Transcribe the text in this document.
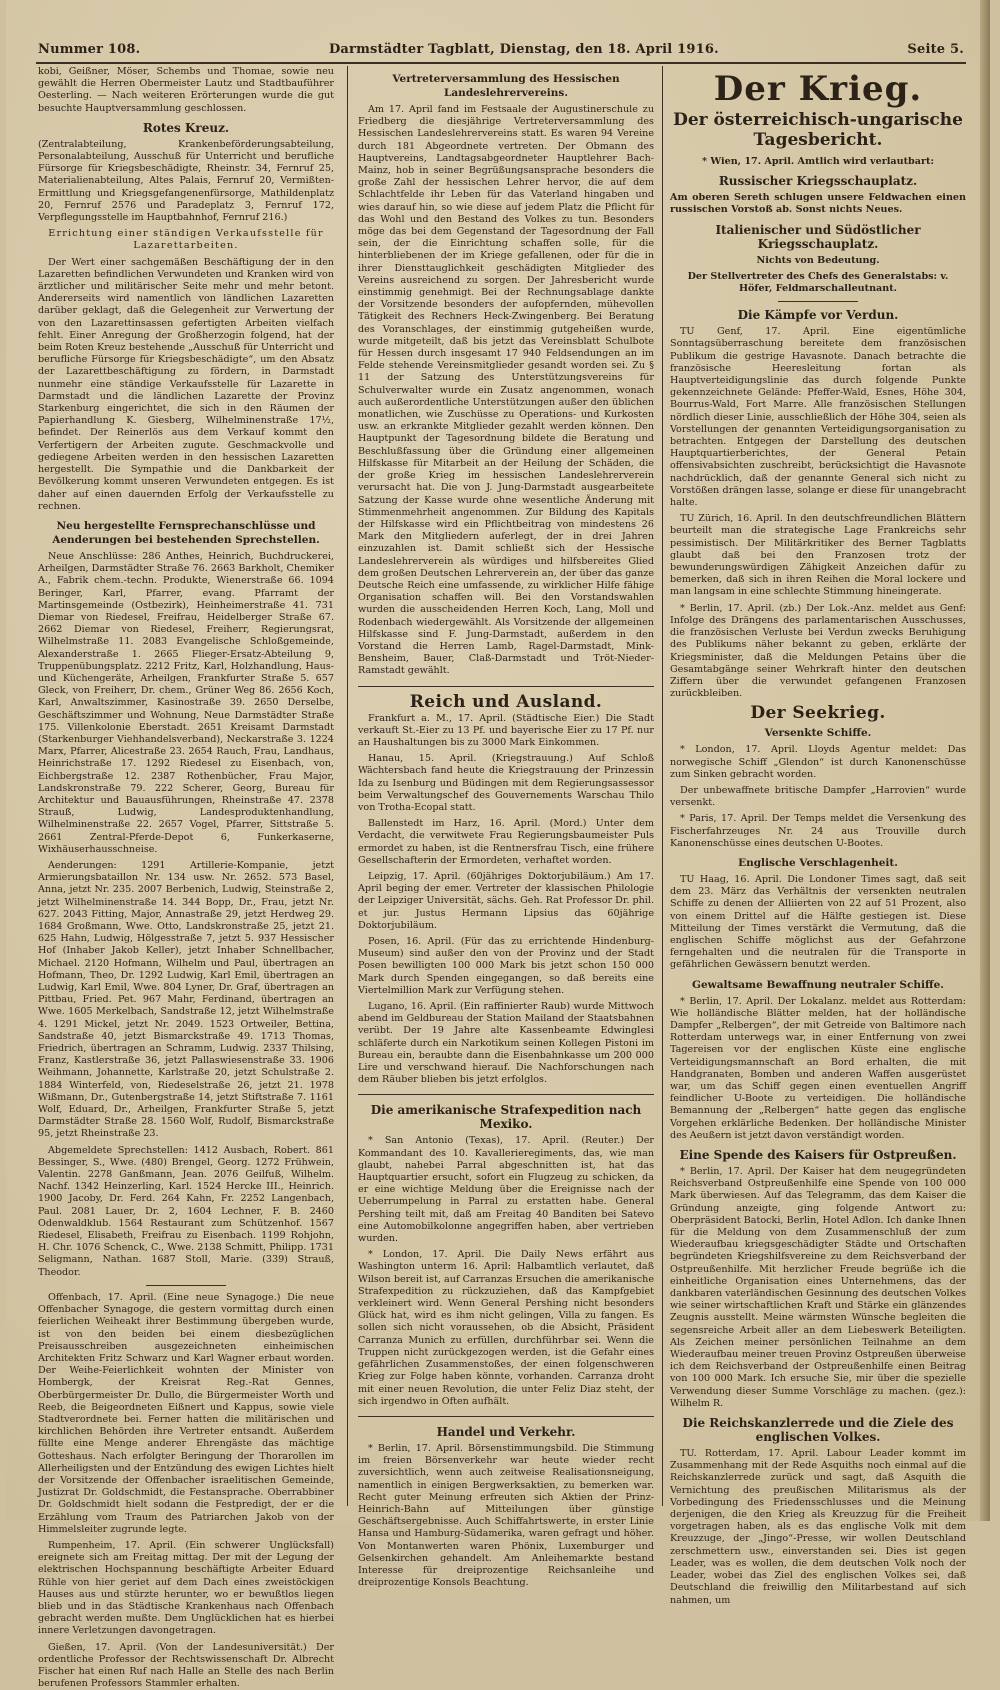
Nummer 108.	Darmstädter Tagblatt, Dienstag, den 18. April 1916.	Seite 5.

kobi, Geißner, Möser, Schembs und Thomae, sowie neu gewählt die Herren Obermeister Lautz und Stadtbauführer Oesterling. — Nach weiteren Erörterungen wurde die gut besuchte Hauptversammlung geschlossen.

Rotes Kreuz.

(Zentralabteilung, Krankenbeförderungsabteilung, Personalabteilung, Ausschuß für Unterricht und berufliche Fürsorge für Kriegsbeschädigte, Rheinstr. 34, Fernruf 25, Materialienabteilung, Altes Palais, Fernruf 20, Vermißten-Ermittlung und Kriegsgefangenenfürsorge, Mathildenplatz 20, Fernruf 2576 und Paradeplatz 3, Fernruf 172, Verpflegungsstelle im Hauptbahnhof, Fernruf 216.)

Errichtung einer ständigen Verkaufsstelle für Lazarettarbeiten.

Der Wert einer sachgemäßen Beschäftigung der in den Lazaretten befindlichen Verwundeten und Kranken wird von ärztlicher und militärischer Seite mehr und mehr betont. Andererseits wird namentlich von ländlichen Lazaretten darüber geklagt, daß die Gelegenheit zur Verwertung der von den Lazarettinsassen gefertigten Arbeiten vielfach fehlt. Einer Anregung der Großherzogin folgend, hat der beim Roten Kreuz bestehende „Ausschuß für Unterricht und berufliche Fürsorge für Kriegsbeschädigte“, um den Absatz der Lazarettbeschäftigung zu fördern, in Darmstadt nunmehr eine ständige Verkaufsstelle für Lazarette in Darmstadt und die ländlichen Lazarette der Provinz Starkenburg eingerichtet, die sich in den Räumen der Papierhandlung K. Giesberg, Wilhelminenstraße 17½, befindet. Der Reinerlös aus dem Verkauf kommt den Verfertigern der Arbeiten zugute. Geschmackvolle und gediegene Arbeiten werden in den hessischen Lazaretten hergestellt. Die Sympathie und die Dankbarkeit der Bevölkerung kommt unseren Verwundeten entgegen. Es ist daher auf einen dauernden Erfolg der Verkaufsstelle zu rechnen.

Neu hergestellte Fernsprechanschlüsse und Aenderungen bei bestehenden Sprechstellen.

Neue Anschlüsse: 286 Anthes, Heinrich, Buchdruckerei, Arheilgen, Darmstädter Straße 76. 2663 Barkholt, Chemiker A., Fabrik chem.-techn. Produkte, Wienerstraße 66. 1094 Beringer, Karl, Pfarrer, evang. Pfarramt der Martinsgemeinde (Ostbezirk), Heinheimerstraße 41. 731 Diemar von Riedesel, Freifrau, Heidelberger Straße 67. 2662 Diemar von Riedesel, Freiherr, Regierungsrat, Wilhelmstraße 11. 2083 Evangelische Schloßgemeinde, Alexanderstraße 1. 2665 Flieger-Ersatz-Abteilung 9, Truppenübungsplatz. 2212 Fritz, Karl, Holzhandlung, Haus- und Küchengeräte, Arheilgen, Frankfurter Straße 5. 657 Gleck, von Freiherr, Dr. chem., Grüner Weg 86. 2656 Koch, Karl, Anwaltszimmer, Kasinostraße 39. 2650 Derselbe, Geschäftszimmer und Wohnung, Neue Darmstädter Straße 175. Villenkolonie Eberstadt. 2651 Kreisamt Darmstadt (Starkenburger Viehhandelsverband), Neckarstraße 3. 1224 Marx, Pfarrer, Alicestraße 23. 2654 Rauch, Frau, Landhaus, Heinrichstraße 17. 1292 Riedesel zu Eisenbach, von, Eichbergstraße 12. 2387 Rothenbücher, Frau Major, Landskronstraße 79. 222 Scherer, Georg, Bureau für Architektur und Bauausführungen, Rheinstraße 47. 2378 Strauß, Ludwig, Landesproduktenhandlung, Wilhelminenstraße 22. 2657 Vogel, Pfarrer, Sittstraße 5. 2661 Zentral-Pferde-Depot 6, Funkerkaserne, Wixhäuserhausschneise.

Aenderungen: 1291 Artillerie-Kompanie, jetzt Armierungsbataillon Nr. 134 usw. Nr. 2652. 573 Basel, Anna, jetzt Nr. 235. 2007 Berbenich, Ludwig, Steinstraße 2, jetzt Wilhelminenstraße 14. 344 Bopp, Dr., Frau, jetzt Nr. 627. 2043 Fitting, Major, Annastraße 29, jetzt Herdweg 29. 1684 Großmann, Wwe. Otto, Landskronstraße 25, jetzt 21. 625 Hahn, Ludwig, Hölgesstraße 7, jetzt 5. 937 Hessischer Hof (Inhaber Jakob Keller), jetzt Inhaber Schnellbacher, Michael. 2120 Hofmann, Wilhelm und Paul, übertragen an Hofmann, Theo, Dr. 1292 Ludwig, Karl Emil, übertragen an Ludwig, Karl Emil, Wwe. 804 Lyner, Dr. Graf, übertragen an Pittbau, Fried. Pet. 967 Mahr, Ferdinand, übertragen an Wwe. 1605 Merkelbach, Sandstraße 12, jetzt Wilhelmstraße 4. 1291 Mickel, jetzt Nr. 2049. 1523 Ortweiler, Bettina, Sandstraße 40, jetzt Bismarckstraße 49. 1713 Thomas, Friedrich, übertragen an Schramm, Ludwig. 2337 Thilsing, Franz, Kastlerstraße 36, jetzt Pallaswiesenstraße 33. 1906 Weihmann, Johannette, Karlstraße 20, jetzt Schulstraße 2. 1884 Winterfeld, von, Riedeselstraße 26, jetzt 21. 1978 Wißmann, Dr., Gutenbergstraße 14, jetzt Stiftstraße 7. 1161 Wolf, Eduard, Dr., Arheilgen, Frankfurter Straße 5, jetzt Darmstädter Straße 28. 1560 Wolf, Rudolf, Bismarckstraße 95, jetzt Rheinstraße 23.

Abgemeldete Sprechstellen: 1412 Ausbach, Robert. 861 Bessinger, S., Wwe. (480) Brengel, Georg. 1272 Frühwein, Valentin. 2278 Ganßmann, Jean. 2076 Geilfuß, Wilhelm. Nachf. 1342 Heinzerling, Karl. 1524 Hercke III., Heinrich. 1900 Jacoby, Dr. Ferd. 264 Kahn, Fr. 2252 Langenbach, Paul. 2081 Lauer, Dr. 2, 1604 Lechner, F. B. 2460 Odenwaldklub. 1564 Restaurant zum Schützenhof. 1567 Riedesel, Elisabeth, Freifrau zu Eisenbach. 1199 Rohjohn, H. Chr. 1076 Schenck, C., Wwe. 2138 Schmitt, Philipp. 1731 Seligmann, Nathan. 1687 Stoll, Marie. (339) Strauß, Theodor.

Offenbach, 17. April. (Eine neue Synagoge.) Die neue Offenbacher Synagoge, die gestern vormittag durch einen feierlichen Weiheakt ihrer Bestimmung übergeben wurde, ist von den beiden bei einem diesbezüglichen Preisausschreiben ausgezeichneten einheimischen Architekten Fritz Schwarz und Karl Wagner erbaut worden. Der Weihe-Feierlichkeit wohnten der Minister von Hombergk, der Kreisrat Reg.-Rat Gennes, Oberbürgermeister Dr. Dullo, die Bürgermeister Worth und Reeb, die Beigeordneten Eißnert und Kappus, sowie viele Stadtverordnete bei. Ferner hatten die militärischen und kirchlichen Behörden ihre Vertreter entsandt. Außerdem füllte eine Menge anderer Ehrengäste das mächtige Gotteshaus. Nach erfolgter Beringung der Thorarollen im Allerheiligsten und der Entzündung des ewigen Lichtes hielt der Vorsitzende der Offenbacher israelitischen Gemeinde, Justizrat Dr. Goldschmidt, die Festansprache. Oberrabbiner Dr. Goldschmidt hielt sodann die Festpredigt, der er die Erzählung vom Traum des Patriarchen Jakob von der Himmelsleiter zugrunde legte.

Rumpenheim, 17. April. (Ein schwerer Unglücksfall) ereignete sich am Freitag mittag. Der mit der Legung der elektrischen Hochspannung beschäftigte Arbeiter Eduard Rühle von hier geriet auf dem Dach eines zweistöckigen Hauses aus und stürzte herunter, wo er bewußtlos liegen blieb und in das Städtische Krankenhaus nach Offenbach gebracht werden mußte. Dem Unglücklichen hat es hierbei innere Verletzungen davongetragen.

Gießen, 17. April. (Von der Landesuniversität.) Der ordentliche Professor der Rechtswissenschaft Dr. Albrecht Fischer hat einen Ruf nach Halle an Stelle des nach Berlin berufenen Professors Stammler erhalten.

Vertreterversammlung des Hessischen Landeslehrervereins.

Am 17. April fand im Festsaale der Augustinerschule zu Friedberg die diesjährige Vertreterversammlung des Hessischen Landeslehrervereins statt. Es waren 94 Vereine durch 181 Abgeordnete vertreten. Der Obmann des Hauptvereins, Landtagsabgeordneter Hauptlehrer Bach-Mainz, hob in seiner Begrüßungsansprache besonders die große Zahl der hessischen Lehrer hervor, die auf dem Schlachtfelde ihr Leben für das Vaterland hingaben und wies darauf hin, so wie diese auf jedem Platz die Pflicht für das Wohl und den Bestand des Volkes zu tun. Besonders möge das bei dem Gegenstand der Tagesordnung der Fall sein, der die Einrichtung schaffen solle, für die hinterbliebenen der im Kriege gefallenen, oder für die in ihrer Diensttauglichkeit geschädigten Mitglieder des Vereins ausreichend zu sorgen. Der Jahresbericht wurde einstimmig genehmigt. Bei der Rechnungsablage dankte der Vorsitzende besonders der aufopfernden, mühevollen Tätigkeit des Rechners Heck-Zwingenberg. Bei Beratung des Voranschlages, der einstimmig gutgeheißen wurde, wurde mitgeteilt, daß bis jetzt das Vereinsblatt Schulbote für Hessen durch insgesamt 17 940 Feldsendungen an im Felde stehende Vereinsmitglieder gesandt worden sei. Zu § 11 der Satzung des Unterstützungsvereins für Schulverwalter wurde ein Zusatz angenommen, wonach auch außerordentliche Unterstützungen außer den üblichen monatlichen, wie Zuschüsse zu Operations- und Kurkosten usw. an erkrankte Mitglieder gezahlt werden können. Den Hauptpunkt der Tagesordnung bildete die Beratung und Beschlußfassung über die Gründung einer allgemeinen Hilfskasse für Mitarbeit an der Heilung der Schäden, die der große Krieg im hessischen Landeslehrerverein verursacht hat. Die von J. Jung-Darmstadt ausgearbeitete Satzung der Kasse wurde ohne wesentliche Änderung mit Stimmenmehrheit angenommen. Zur Bildung des Kapitals der Hilfskasse wird ein Pflichtbeitrag von mindestens 26 Mark den Mitgliedern auferlegt, der in drei Jahren einzuzahlen ist. Damit schließt sich der Hessische Landeslehrerverein als würdiges und hilfsbereites Glied dem großen Deutschen Lehrerverein an, der über das ganze Deutsche Reich eine umfassende, zu wirklicher Hilfe fähige Organisation schaffen will. Bei den Vorstandswahlen wurden die ausscheidenden Herren Koch, Lang, Moll und Rodenbach wiedergewählt. Als Vorsitzende der allgemeinen Hilfskasse sind F. Jung-Darmstadt, außerdem in den Vorstand die Herren Lamb, Ragel-Darmstadt, Mink-Bensheim, Bauer, Claß-Darmstadt und Tröt-Nieder-Ramstadt gewählt.

Reich und Ausland.

Frankfurt a. M., 17. April. (Städtische Eier.) Die Stadt verkauft St.-Eier zu 13 Pf. und bayerische Eier zu 17 Pf. nur an Haushaltungen bis zu 3000 Mark Einkommen.

Hanau, 15. April. (Kriegstrauung.) Auf Schloß Wächtersbach fand heute die Kriegstrauung der Prinzessin Ida zu Isenburg und Büdingen mit dem Regierungsassessor beim Verwaltungschef des Gouvernements Warschau Thilo von Trotha-Ecopal statt.

Ballenstedt im Harz, 16. April. (Mord.) Unter dem Verdacht, die verwitwete Frau Regierungsbaumeister Puls ermordet zu haben, ist die Rentnersfrau Tisch, eine frühere Gesellschafterin der Ermordeten, verhaftet worden.

Leipzig, 17. April. (60jähriges Doktorjubiläum.) Am 17. April beging der emer. Vertreter der klassischen Philologie der Leipziger Universität, sächs. Geh. Rat Professor Dr. phil. et jur. Justus Hermann Lipsius das 60jährige Doktorjubiläum.

Posen, 16. April. (Für das zu errichtende Hindenburg-Museum) sind außer den von der Provinz und der Stadt Posen bewilligten 100 000 Mark bis jetzt schon 150 000 Mark durch Spenden eingegangen, so daß bereits eine Viertelmillion Mark zur Verfügung stehen.

Lugano, 16. April. (Ein raffinierter Raub) wurde Mittwoch abend im Geldbureau der Station Mailand der Staatsbahnen verübt. Der 19 Jahre alte Kassenbeamte Edwinglesi schläferte durch ein Narkotikum seinen Kollegen Pistoni im Bureau ein, beraubte dann die Eisenbahnkasse um 200 000 Lire und verschwand hierauf. Die Nachforschungen nach dem Räuber blieben bis jetzt erfolglos.

Die amerikanische Strafexpedition nach Mexiko.

* San Antonio (Texas), 17. April. (Reuter.) Der Kommandant des 10. Kavallerieregiments, das, wie man glaubt, nahebei Parral abgeschnitten ist, hat das Hauptquartier ersucht, sofort ein Flugzeug zu schicken, da er eine wichtige Meldung über die Ereignisse nach der Ueberrumpelung in Parral zu erstatten habe. General Pershing teilt mit, daß am Freitag 40 Banditen bei Satevo eine Automobilkolonne angegriffen haben, aber vertrieben wurden.

* London, 17. April. Die Daily News erfährt aus Washington unterm 16. April: Halbamtlich verlautet, daß Wilson bereit ist, auf Carranzas Ersuchen die amerikanische Strafexpedition zu rückzuziehen, daß das Kampfgebiet verkleinert wird. Wenn General Pershing nicht besonders Glück hat, wird es ihm nicht gelingen, Villa zu fangen. Es sollen sich nicht voraussehen, ob die Absicht, Präsident Carranza Munich zu erfüllen, durchführbar sei. Wenn die Truppen nicht zurückgezogen werden, ist die Gefahr eines gefährlichen Zusammenstoßes, der einen folgenschweren Krieg zur Folge haben könnte, vorhanden. Carranza droht mit einer neuen Revolution, die unter Feliz Diaz steht, der sich irgendwo in Often aufhält.

Handel und Verkehr.

* Berlin, 17. April. Börsenstimmungsbild. Die Stimmung im freien Börsenverkehr war heute wieder recht zuversichtlich, wenn auch zeitweise Realisationsneigung, namentlich in einigen Bergwerksaktien, zu bemerken war. Recht guter Meinung erfreuten sich Aktien der Prinz-Heinrich-Bahn auf Mitteilungen über günstige Geschäftsergebnisse. Auch Schiffahrtswerte, in erster Linie Hansa und Hamburg-Südamerika, waren gefragt und höher. Von Montanwerten waren Phönix, Luxemburger und Gelsenkirchen gehandelt. Am Anleihemarkte bestand Interesse für dreiprozentige Reichsanleihe und dreiprozentige Konsols Beachtung.

Der Krieg.
Der österreichisch-ungarische Tagesbericht.

* Wien, 17. April. Amtlich wird verlautbart:

Russischer Kriegsschauplatz.

Am oberen Sereth schlugen unsere Feldwachen einen russischen Vorstoß ab. Sonst nichts Neues.

Italienischer und Südöstlicher Kriegsschauplatz.

Nichts von Bedeutung.

Der Stellvertreter des Chefs des Generalstabs: v. Höfer, Feldmarschalleutnant.

Die Kämpfe vor Verdun.

TU Genf, 17. April. Eine eigentümliche Sonntagsüberraschung bereitete dem französischen Publikum die gestrige Havasnote. Danach betrachte die französische Heeresleitung fortan als Hauptverteidigungslinie das durch folgende Punkte gekennzeichnete Gelände: Pfeffer-Wald, Esnes, Höhe 304, Bourrus-Wald, Fort Marre. Alle französischen Stellungen nördlich dieser Linie, ausschließlich der Höhe 304, seien als Vorstellungen der genannten Verteidigungsorganisation zu betrachten. Entgegen der Darstellung des deutschen Hauptquartierberichtes, der General Petain offensivabsichten zuschreibt, berücksichtigt die Havasnote nachdrücklich, daß der genannte General sich nicht zu Vorstößen drängen lasse, solange er diese für unangebracht halte.

TU Zürich, 16. April. In den deutschfreundlichen Blättern beurteilt man die strategische Lage Frankreichs sehr pessimistisch. Der Militärkritiker des Berner Tagblatts glaubt daß bei den Franzosen trotz der bewunderungswürdigen Zähigkeit Anzeichen dafür zu bemerken, daß sich in ihren Reihen die Moral lockere und man langsam in eine schlechte Stimmung hineingerate.

* Berlin, 17. April. (zb.) Der Lok.-Anz. meldet aus Genf: Infolge des Drängens des parlamentarischen Ausschusses, die französischen Verluste bei Verdun zwecks Beruhigung des Publikums näher bekannt zu geben, erklärte der Kriegsminister, daß die Meldungen Petains über die Gesamtabgänge seiner Wehrkraft hinter den deutschen Ziffern über die verwundet gefangenen Franzosen zurückbleiben.

Der Seekrieg.
Versenkte Schiffe.

* London, 17. April. Lloyds Agentur meldet: Das norwegische Schiff „Glendon“ ist durch Kanonenschüsse zum Sinken gebracht worden.

Der unbewaffnete britische Dampfer „Harrovien“ wurde versenkt.

* Paris, 17. April. Der Temps meldet die Versenkung des Fischerfahrzeuges Nr. 24 aus Trouville durch Kanonenschüsse eines deutschen U-Bootes.

Englische Verschlagenheit.

TU Haag, 16. April. Die Londoner Times sagt, daß seit dem 23. März das Verhältnis der versenkten neutralen Schiffe zu denen der Alliierten von 22 auf 51 Prozent, also von einem Drittel auf die Hälfte gestiegen ist. Diese Mitteilung der Times verstärkt die Vermutung, daß die englischen Schiffe möglichst aus der Gefahrzone ferngehalten und die neutralen für die Transporte in gefährlichen Gewässern benutzt werden.

Gewaltsame Bewaffnung neutraler Schiffe.

* Berlin, 17. April. Der Lokalanz. meldet aus Rotterdam: Wie holländische Blätter melden, hat der holländische Dampfer „Relbergen“, der mit Getreide von Baltimore nach Rotterdam unterwegs war, in einer Entfernung von zwei Tagereisen vor der englischen Küste eine englische Verteidigungsmannschaft an Bord erhalten, die mit Handgranaten, Bomben und anderen Waffen ausgerüstet war, um das Schiff gegen einen eventuellen Angriff feindlicher U-Boote zu verteidigen. Die holländische Bemannung der „Relbergen“ hatte gegen das englische Vorgehen erklärliche Bedenken. Der holländische Minister des Aeußern ist jetzt davon verständigt worden.

Eine Spende des Kaisers für Ostpreußen.

* Berlin, 17. April. Der Kaiser hat dem neugegründeten Reichsverband Ostpreußenhilfe eine Spende von 100 000 Mark überwiesen. Auf das Telegramm, das dem Kaiser die Gründung anzeigte, ging folgende Antwort zu: Oberpräsident Batocki, Berlin, Hotel Adlon. Ich danke Ihnen für die Meldung von dem Zusammenschluß der zum Wiederaufbau kriegsgeschädigter Städte und Ortschaften begründeten Kriegshilfsvereine zu dem Reichsverband der Ostpreußenhilfe. Mit herzlicher Freude begrüße ich die einheitliche Organisation eines Unternehmens, das der dankbaren vaterländischen Gesinnung des deutschen Volkes wie seiner wirtschaftlichen Kraft und Stärke ein glänzendes Zeugnis ausstellt. Meine wärmsten Wünsche begleiten die segensreiche Arbeit aller an dem Liebeswerk Beteiligten. Als Zeichen meiner persönlichen Teilnahme an dem Wiederaufbau meiner treuen Provinz Ostpreußen überweise ich dem Reichsverband der Ostpreußenhilfe einen Beitrag von 100 000 Mark. Ich ersuche Sie, mir über die spezielle Verwendung dieser Summe Vorschläge zu machen. (gez.): Wilhelm R.

Die Reichskanzlerrede und die Ziele des englischen Volkes.

TU. Rotterdam, 17. April. Labour Leader kommt im Zusammenhang mit der Rede Asquiths noch einmal auf die Reichskanzlerrede zurück und sagt, daß Asquith die Vernichtung des preußischen Militarismus als der Vorbedingung des Friedensschlusses und die Meinung derjenigen, die den Krieg als Kreuzzug für die Freiheit vorgetragen haben, als es das englische Volk mit dem Kreuzzuge, der „Jingo“-Presse, wir wollen Deutschland zerschmettern usw., einverstanden sei. Dies ist gegen Leader, was es wollen, die dem deutschen Volk noch der Leader, wobei das Ziel des englischen Volkes sei, daß Deutschland die freiwillig den Militarbestand auf sich nahmen, um
